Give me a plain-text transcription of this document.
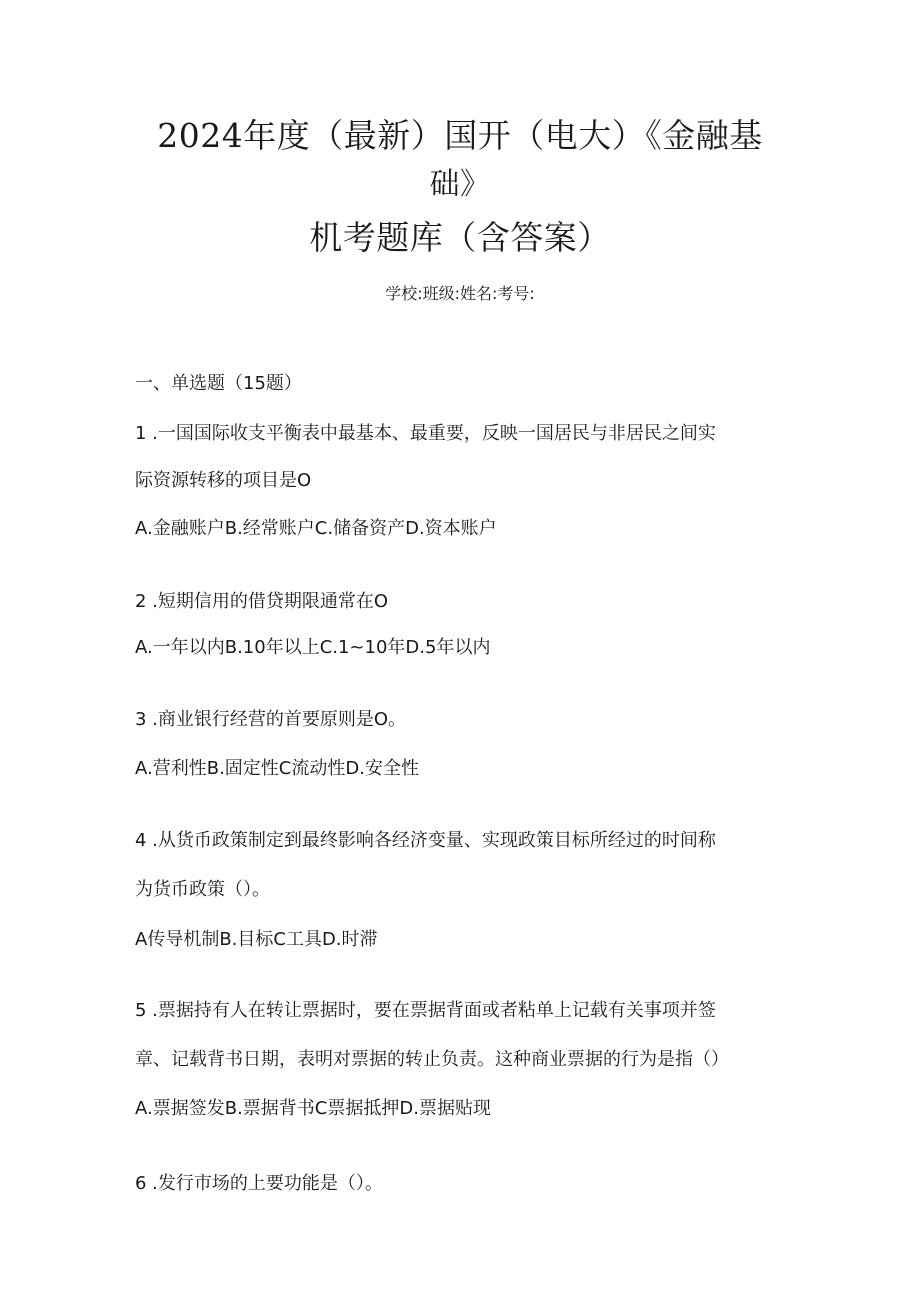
2024年度（最新）国开（电大）《金融基
础》
机考题库（含答案）
学校:班级:姓名:考号:
一、单选题（15题）
1 .一国国际收支平衡表中最基本、最重要，反映一国居民与非居民之间实
际资源转移的项目是O
A.金融账户B.经常账户C.储备资产D.资本账户
2 .短期信用的借贷期限通常在O
A.一年以内B.10年以上C.1~10年D.5年以内
3 .商业银行经营的首要原则是O。
A.营利性B.固定性C流动性D.安全性
4 .从货币政策制定到最终影响各经济变量、实现政策目标所经过的时间称
为货币政策（）。
A传导机制B.目标C工具D.时滞
5 .票据持有人在转让票据时，要在票据背面或者粘单上记载有关事项并签
章、记载背书日期，表明对票据的转止负责。这种商业票据的行为是指（）
A.票据签发B.票据背书C票据抵押D.票据贴现
6 .发行市场的上要功能是（）。
